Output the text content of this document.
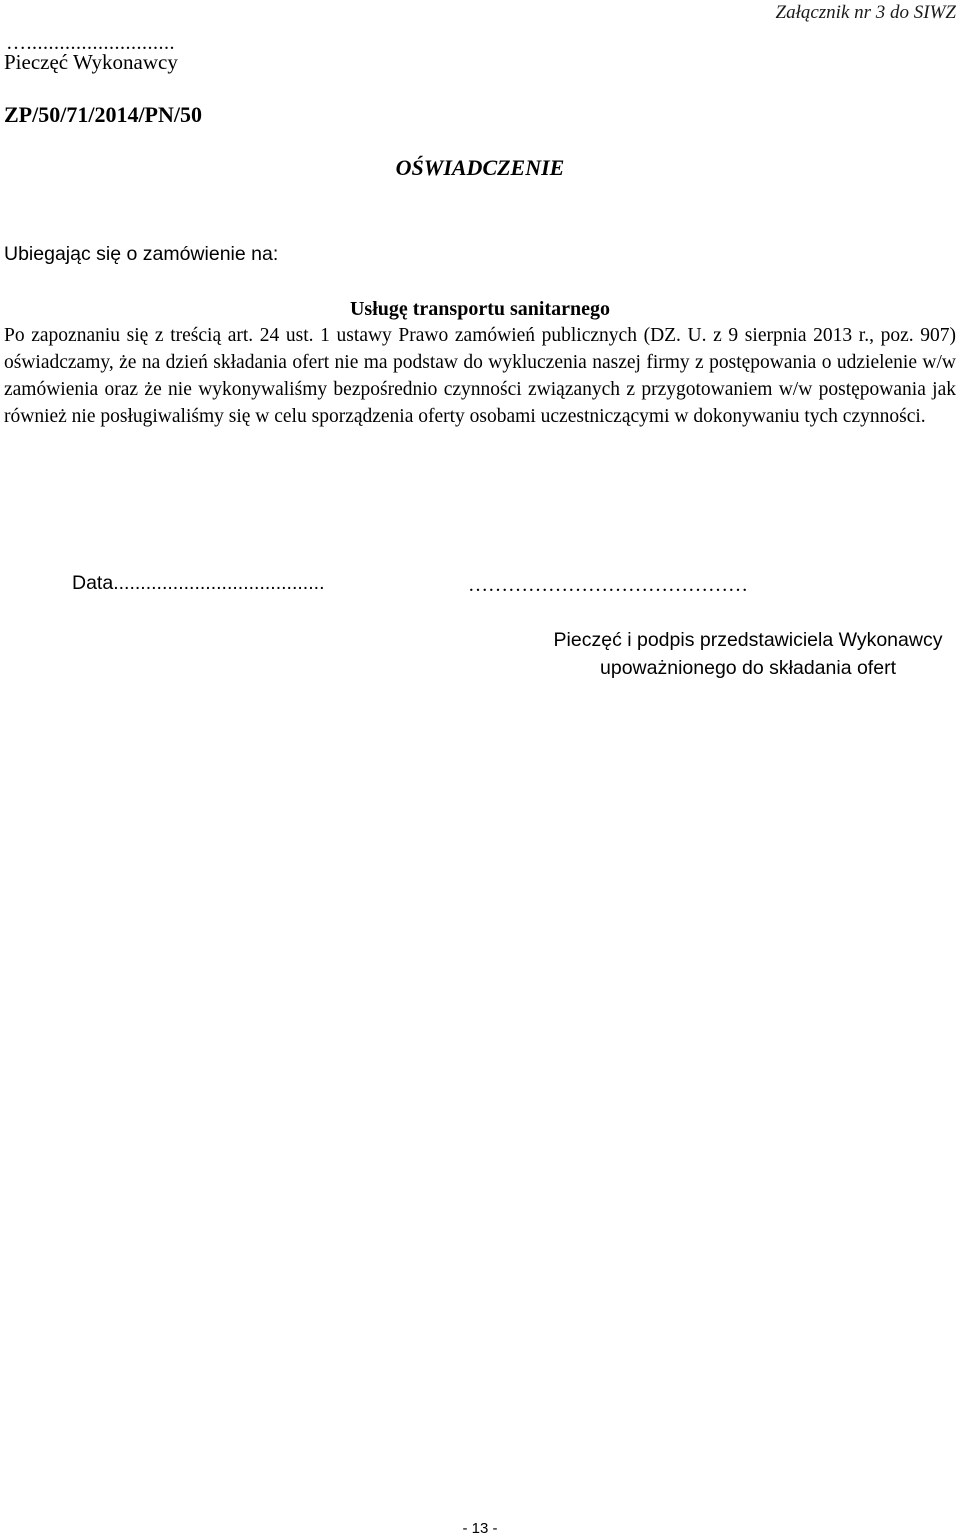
Załącznik nr 3 do SIWZ
…...........................
Pieczęć Wykonawcy
ZP/50/71/2014/PN/50
OŚWIADCZENIE
Ubiegając się o zamówienie na:
Usługę transportu sanitarnego

Po zapoznaniu się z treścią art. 24 ust. 1 ustawy Prawo zamówień publicznych (DZ. U. z 9 sierpnia 2013 r., poz. 907) oświadczamy, że na dzień składania ofert nie ma podstaw do wykluczenia naszej firmy z postępowania o udzielenie w/w zamówienia oraz że nie wykonywaliśmy bezpośrednio czynności związanych z przygotowaniem w/w postępowania jak również nie posługiwaliśmy się w celu sporządzenia oferty osobami uczestniczącymi w dokonywaniu tych czynności.

Data.......................................	……………………………………

Pieczęć i podpis przedstawiciela Wykonawcy upoważnionego do składania ofert

- 13 -
